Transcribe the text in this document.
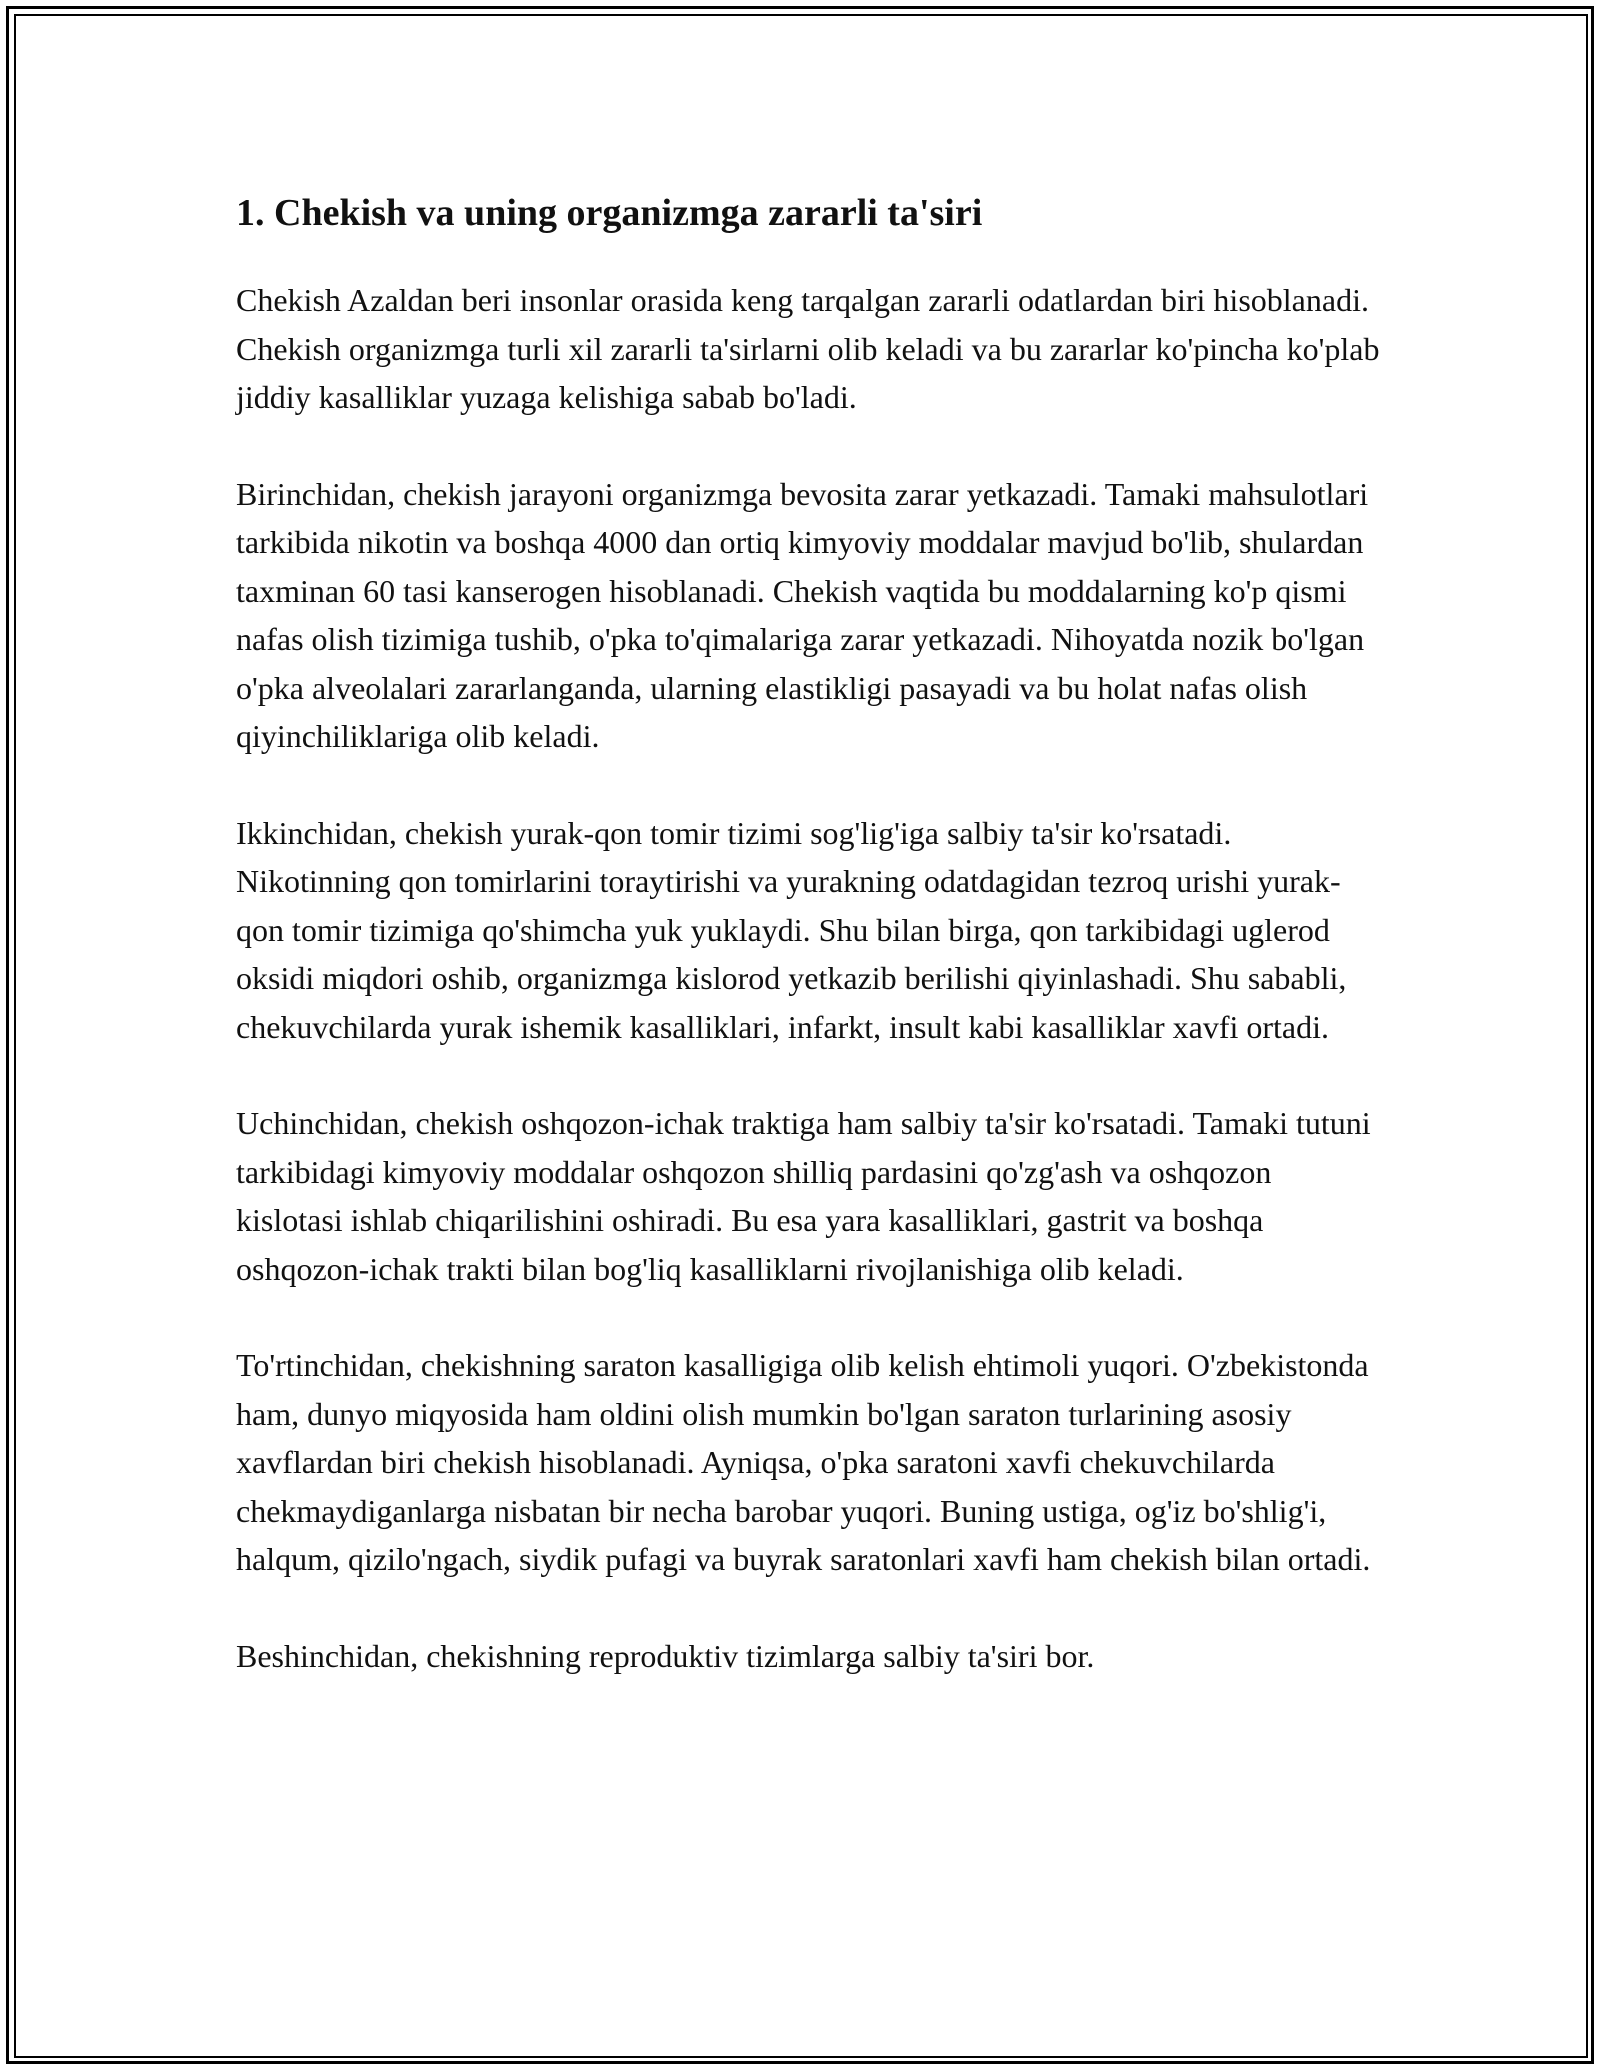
1. Chekish va uning organizmga zararli ta'siri

Chekish Azaldan beri insonlar orasida keng tarqalgan zararli odatlardan biri hisoblanadi. Chekish organizmga turli xil zararli ta'sirlarni olib keladi va bu zararlar ko'pincha ko'plab jiddiy kasalliklar yuzaga kelishiga sabab bo'ladi.

Birinchidan, chekish jarayoni organizmga bevosita zarar yetkazadi. Tamaki mahsulotlari tarkibida nikotin va boshqa 4000 dan ortiq kimyoviy moddalar mavjud bo'lib, shulardan taxminan 60 tasi kanserogen hisoblanadi. Chekish vaqtida bu moddalarning ko'p qismi nafas olish tizimiga tushib, o'pka to'qimalariga zarar yetkazadi. Nihoyatda nozik bo'lgan o'pka alveolalari zararlanganda, ularning elastikligi pasayadi va bu holat nafas olish qiyinchiliklariga olib keladi.

Ikkinchidan, chekish yurak-qon tomir tizimi sog'lig'iga salbiy ta'sir ko'rsatadi. Nikotinning qon tomirlarini toraytirishi va yurakning odatdagidan tezroq urishi yurak-qon tomir tizimiga qo'shimcha yuk yuklaydi. Shu bilan birga, qon tarkibidagi uglerod oksidi miqdori oshib, organizmga kislorod yetkazib berilishi qiyinlashadi. Shu sababli, chekuvchilarda yurak ishemik kasalliklari, infarkt, insult kabi kasalliklar xavfi ortadi.

Uchinchidan, chekish oshqozon-ichak traktiga ham salbiy ta'sir ko'rsatadi. Tamaki tutuni tarkibidagi kimyoviy moddalar oshqozon shilliq pardasini qo'zg'ash va oshqozon kislotasi ishlab chiqarilishini oshiradi. Bu esa yara kasalliklari, gastrit va boshqa oshqozon-ichak trakti bilan bog'liq kasalliklarni rivojlanishiga olib keladi.

To'rtinchidan, chekishning saraton kasalligiga olib kelish ehtimoli yuqori. O'zbekistonda ham, dunyo miqyosida ham oldini olish mumkin bo'lgan saraton turlarining asosiy xavflardan biri chekish hisoblanadi. Ayniqsa, o'pka saratoni xavfi chekuvchilarda chekmaydiganlarga nisbatan bir necha barobar yuqori. Buning ustiga, og'iz bo'shlig'i, halqum, qizilo'ngach, siydik pufagi va buyrak saratonlari xavfi ham chekish bilan ortadi.

Beshinchidan, chekishning reproduktiv tizimlarga salbiy ta'siri bor.
